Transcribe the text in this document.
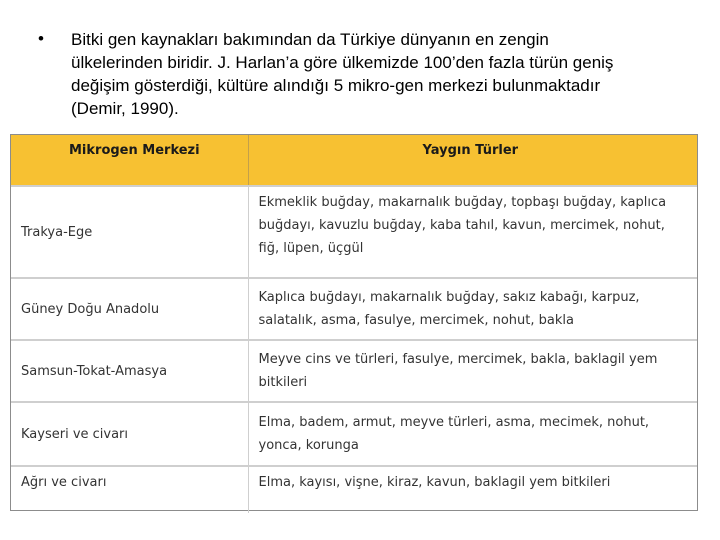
• Bitki gen kaynakları bakımından da Türkiye dünyanın en zengin
ülkelerinden biridir. J. Harlan’a göre ülkemizde 100’den fazla türün geniş
değişim gösterdiği, kültüre alındığı 5 mikro-gen merkezi bulunmaktadır
(Demir, 1990).
Mikrogen Merkezi	Yaygın Türler
Trakya-Ege	Ekmeklik buğday, makarnalık buğday, topbaşı buğday, kaplıca buğdayı, kavuzlu buğday, kaba tahıl, kavun, mercimek, nohut, fiğ, lüpen, üçgül
Güney Doğu Anadolu	Kaplıca buğdayı, makarnalık buğday, sakız kabağı, karpuz, salatalık, asma, fasulye, mercimek, nohut, bakla
Samsun-Tokat-Amasya	Meyve cins ve türleri, fasulye, mercimek, bakla, baklagil yem bitkileri
Kayseri ve civarı	Elma, badem, armut, meyve türleri, asma, mecimek, nohut, yonca, korunga
Ağrı ve civarı	Elma, kayısı, vişne, kiraz, kavun, baklagil yem bitkileri
